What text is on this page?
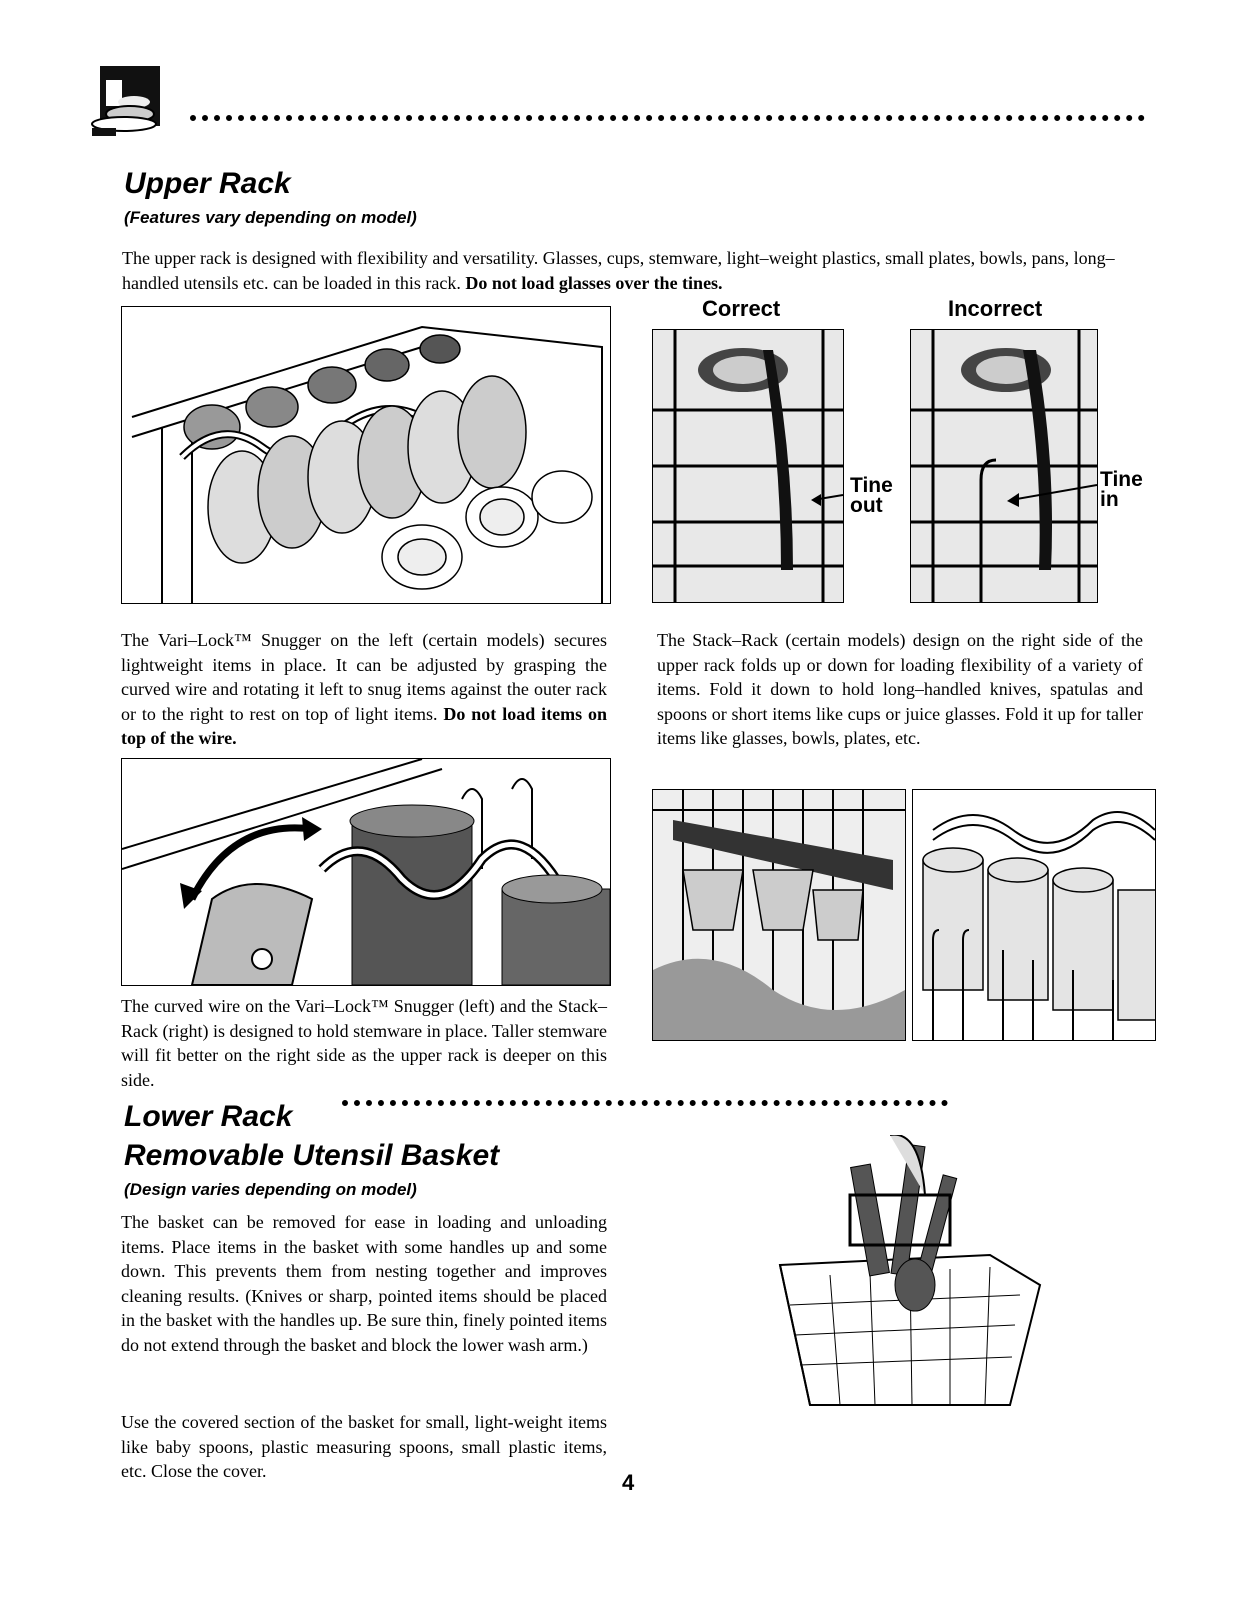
Upper Rack

(Features vary depending on model)

The upper rack is designed with flexibility and versatility. Glasses, cups, stemware, light–weight plastics, small plates, bowls, pans, long–handled utensils etc. can be loaded in this rack. Do not load glasses over the tines.

Correct	Incorrect
Tine out
Tine in

The Vari–Lock™ Snugger on the left (certain models) secures lightweight items in place. It can be adjusted by grasping the curved wire and rotating it left to snug items against the outer rack or to the right to rest on top of light items. Do not load items on top of the wire.

The Stack–Rack (certain models) design on the right side of the upper rack folds up or down for loading flexibility of a variety of items. Fold it down to hold long–handled knives, spatulas and spoons or short items like cups or juice glasses. Fold it up for taller items like glasses, bowls, plates, etc.

The curved wire on the Vari–Lock™ Snugger (left) and the Stack–Rack (right) is designed to hold stemware in place. Taller stemware will fit better on the right side as the upper rack is deeper on this side.

Lower Rack
Removable Utensil Basket

(Design varies depending on model)

The basket can be removed for ease in loading and unloading items. Place items in the basket with some handles up and some down. This prevents them from nesting together and improves cleaning results. (Knives or sharp, pointed items should be placed in the basket with the handles up. Be sure thin, finely pointed items do not extend through the basket and block the lower wash arm.)

Use the covered section of the basket for small, light-weight items like baby spoons, plastic measuring spoons, small plastic items, etc. Close the cover.	4
